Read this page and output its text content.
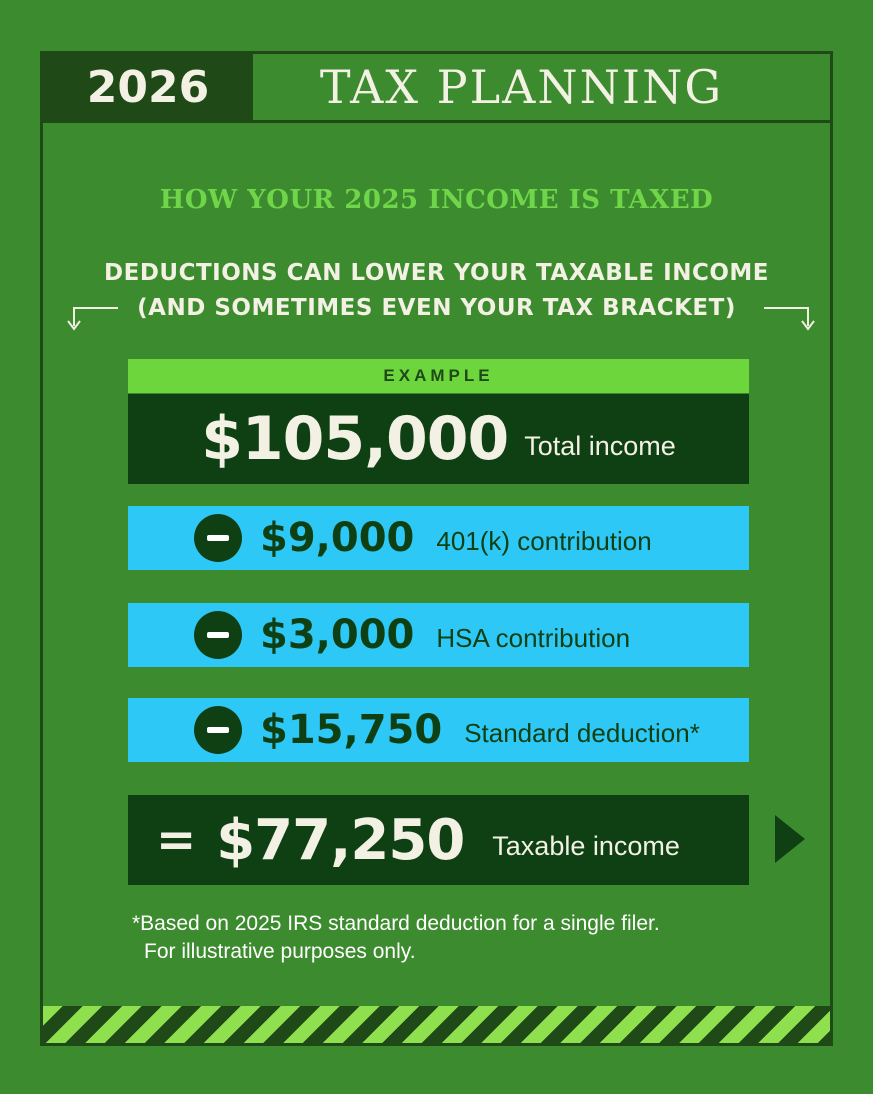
2026	TAX PLANNING
HOW YOUR 2025 INCOME IS TAXED
DEDUCTIONS CAN LOWER YOUR TAXABLE INCOME
(AND SOMETIMES EVEN YOUR TAX BRACKET)
EXAMPLE
$105,000 Total income
$9,000 401(k) contribution
$3,000 HSA contribution
$15,750 Standard deduction*
= $77,250 Taxable income
*Based on 2025 IRS standard deduction for a single filer.
For illustrative purposes only.
